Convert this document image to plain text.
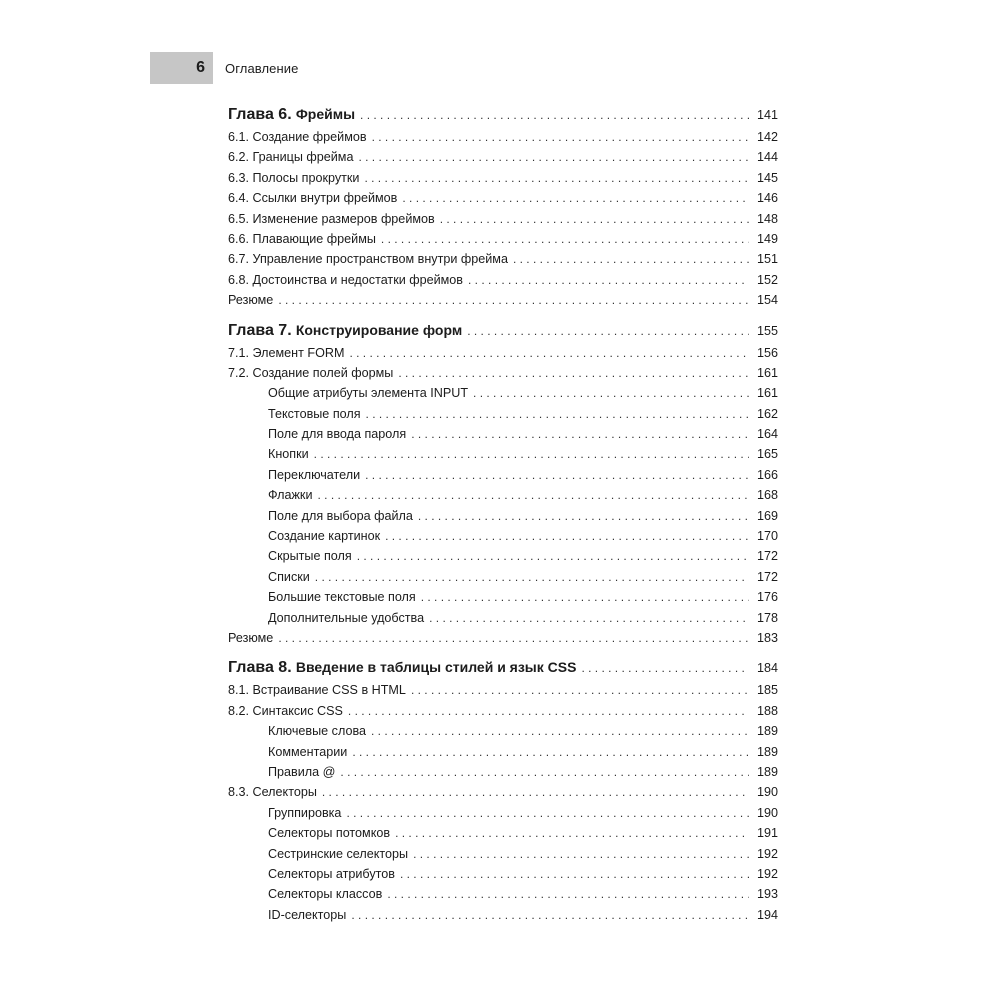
6 Оглавление
Глава 6. Фреймы . . .	141
6.1. Создание фреймов . . .	142
6.2. Границы фрейма . . .	144
6.3. Полосы прокрутки . . .	145
6.4. Ссылки внутри фреймов . . .	146
6.5. Изменение размеров фреймов . . .	148
6.6. Плавающие фреймы . . .	149
6.7. Управление пространством внутри фрейма . . .	151
6.8. Достоинства и недостатки фреймов . . .	152
Резюме . . .	154
Глава 7. Конструирование форм . . .	155
7.1. Элемент FORM . . .	156
7.2. Создание полей формы . . .	161
Общие атрибуты элемента INPUT . . .	161
Текстовые поля . . .	162
Поле для ввода пароля . . .	164
Кнопки . . .	165
Переключатели . . .	166
Флажки . . .	168
Поле для выбора файла . . .	169
Создание картинок . . .	170
Скрытые поля . . .	172
Списки . . .	172
Большие текстовые поля . . .	176
Дополнительные удобства . . .	178
Резюме . . .	183
Глава 8. Введение в таблицы стилей и язык CSS . . .	184
8.1. Встраивание CSS в HTML . . .	185
8.2. Синтаксис CSS . . .	188
Ключевые слова . . .	189
Комментарии . . .	189
Правила @ . . .	189
8.3. Селекторы . . .	190
Группировка . . .	190
Селекторы потомков . . .	191
Сестринские селекторы . . .	192
Селекторы атрибутов . . .	192
Селекторы классов . . .	193
ID-селекторы . . .	194
